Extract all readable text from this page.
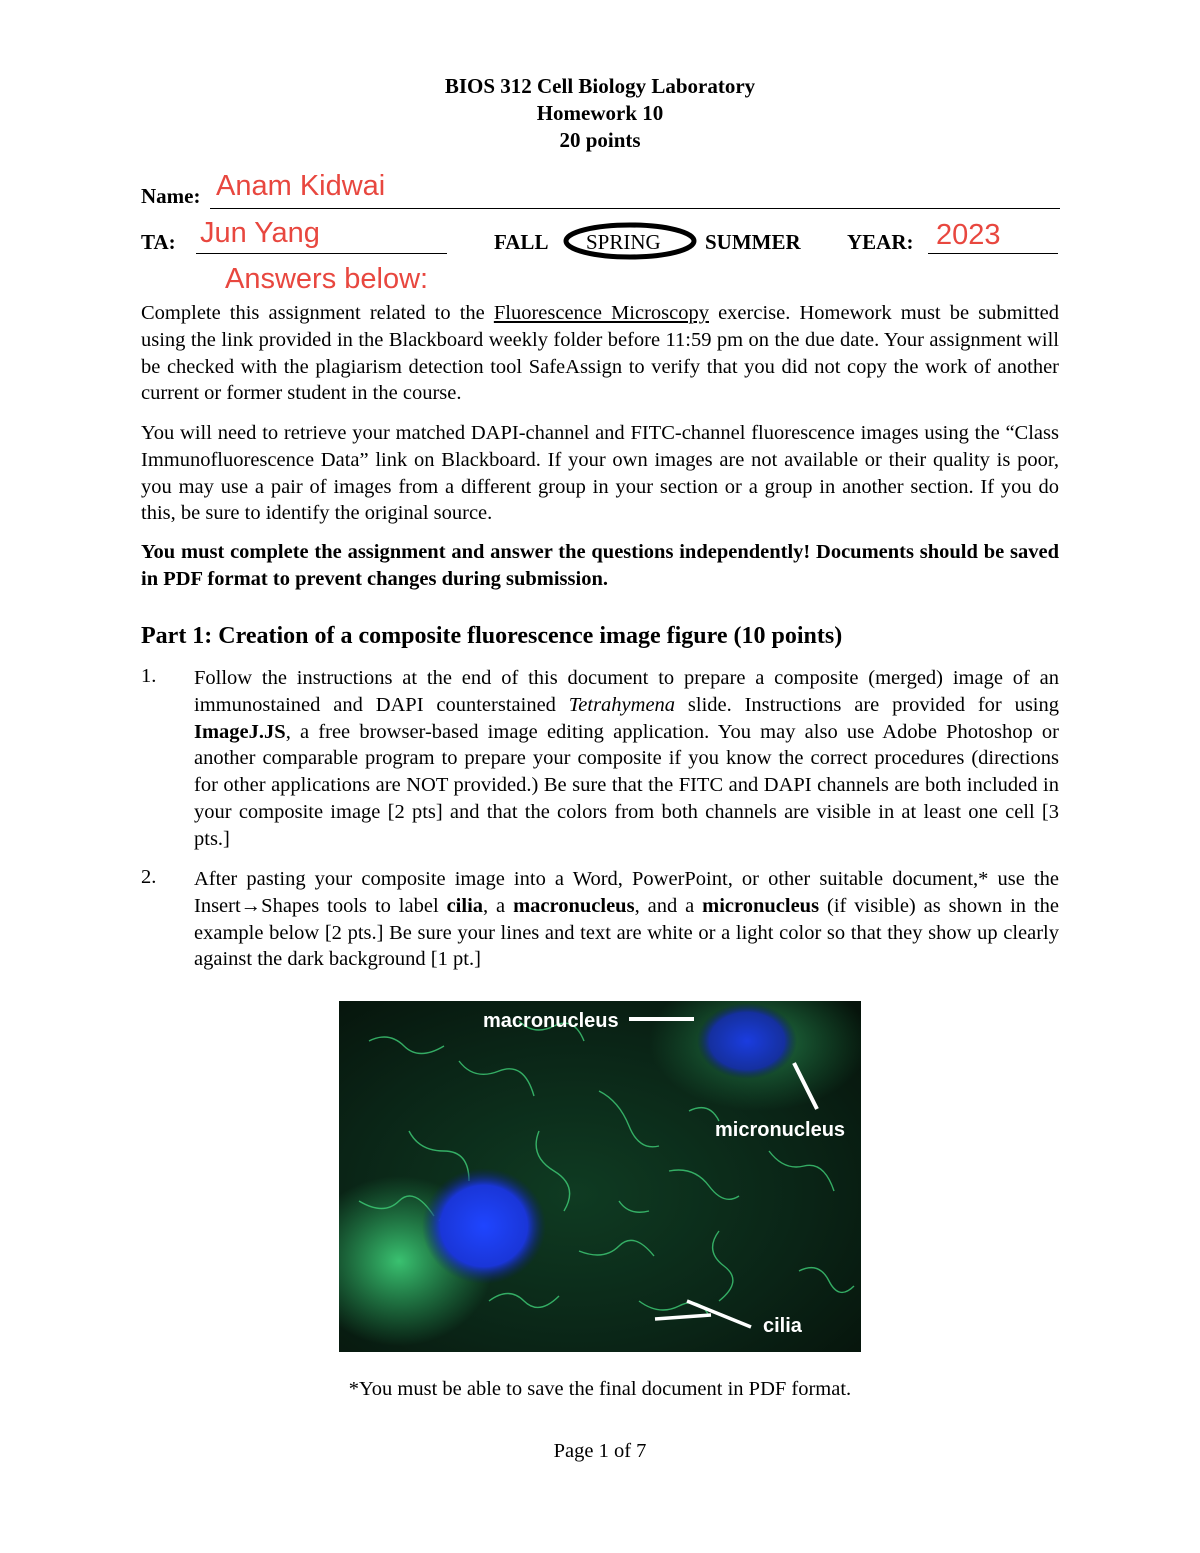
BIOS 312 Cell Biology Laboratory
Homework 10
20 points
Name: Anam Kidwai
TA: Jun Yang	FALL SPRING SUMMER YEAR: 2023
Answers below:
Complete this assignment related to the Fluorescence Microscopy exercise. Homework must be submitted using the link provided in the Blackboard weekly folder before 11:59 pm on the due date. Your assignment will be checked with the plagiarism detection tool SafeAssign to verify that you did not copy the work of another current or former student in the course.
You will need to retrieve your matched DAPI-channel and FITC-channel fluorescence images using the “Class Immunofluorescence Data” link on Blackboard. If your own images are not available or their quality is poor, you may use a pair of images from a different group in your section or a group in another section. If you do this, be sure to identify the original source.
You must complete the assignment and answer the questions independently! Documents should be saved in PDF format to prevent changes during submission.
Part 1: Creation of a composite fluorescence image figure (10 points)
1. Follow the instructions at the end of this document to prepare a composite (merged) image of an immunostained and DAPI counterstained Tetrahymena slide. Instructions are provided for using ImageJ.JS, a free browser-based image editing application. You may also use Adobe Photoshop or another comparable program to prepare your composite if you know the correct procedures (directions for other applications are NOT provided.) Be sure that the FITC and DAPI channels are both included in your composite image [2 pts] and that the colors from both channels are visible in at least one cell [3 pts.]
2. After pasting your composite image into a Word, PowerPoint, or other suitable document,* use the Insert→Shapes tools to label cilia, a macronucleus, and a micronucleus (if visible) as shown in the example below [2 pts.] Be sure your lines and text are white or a light color so that they show up clearly against the dark background [1 pt.]
macronucleus
micronucleus
cilia
*You must be able to save the final document in PDF format.
Page 1 of 7
